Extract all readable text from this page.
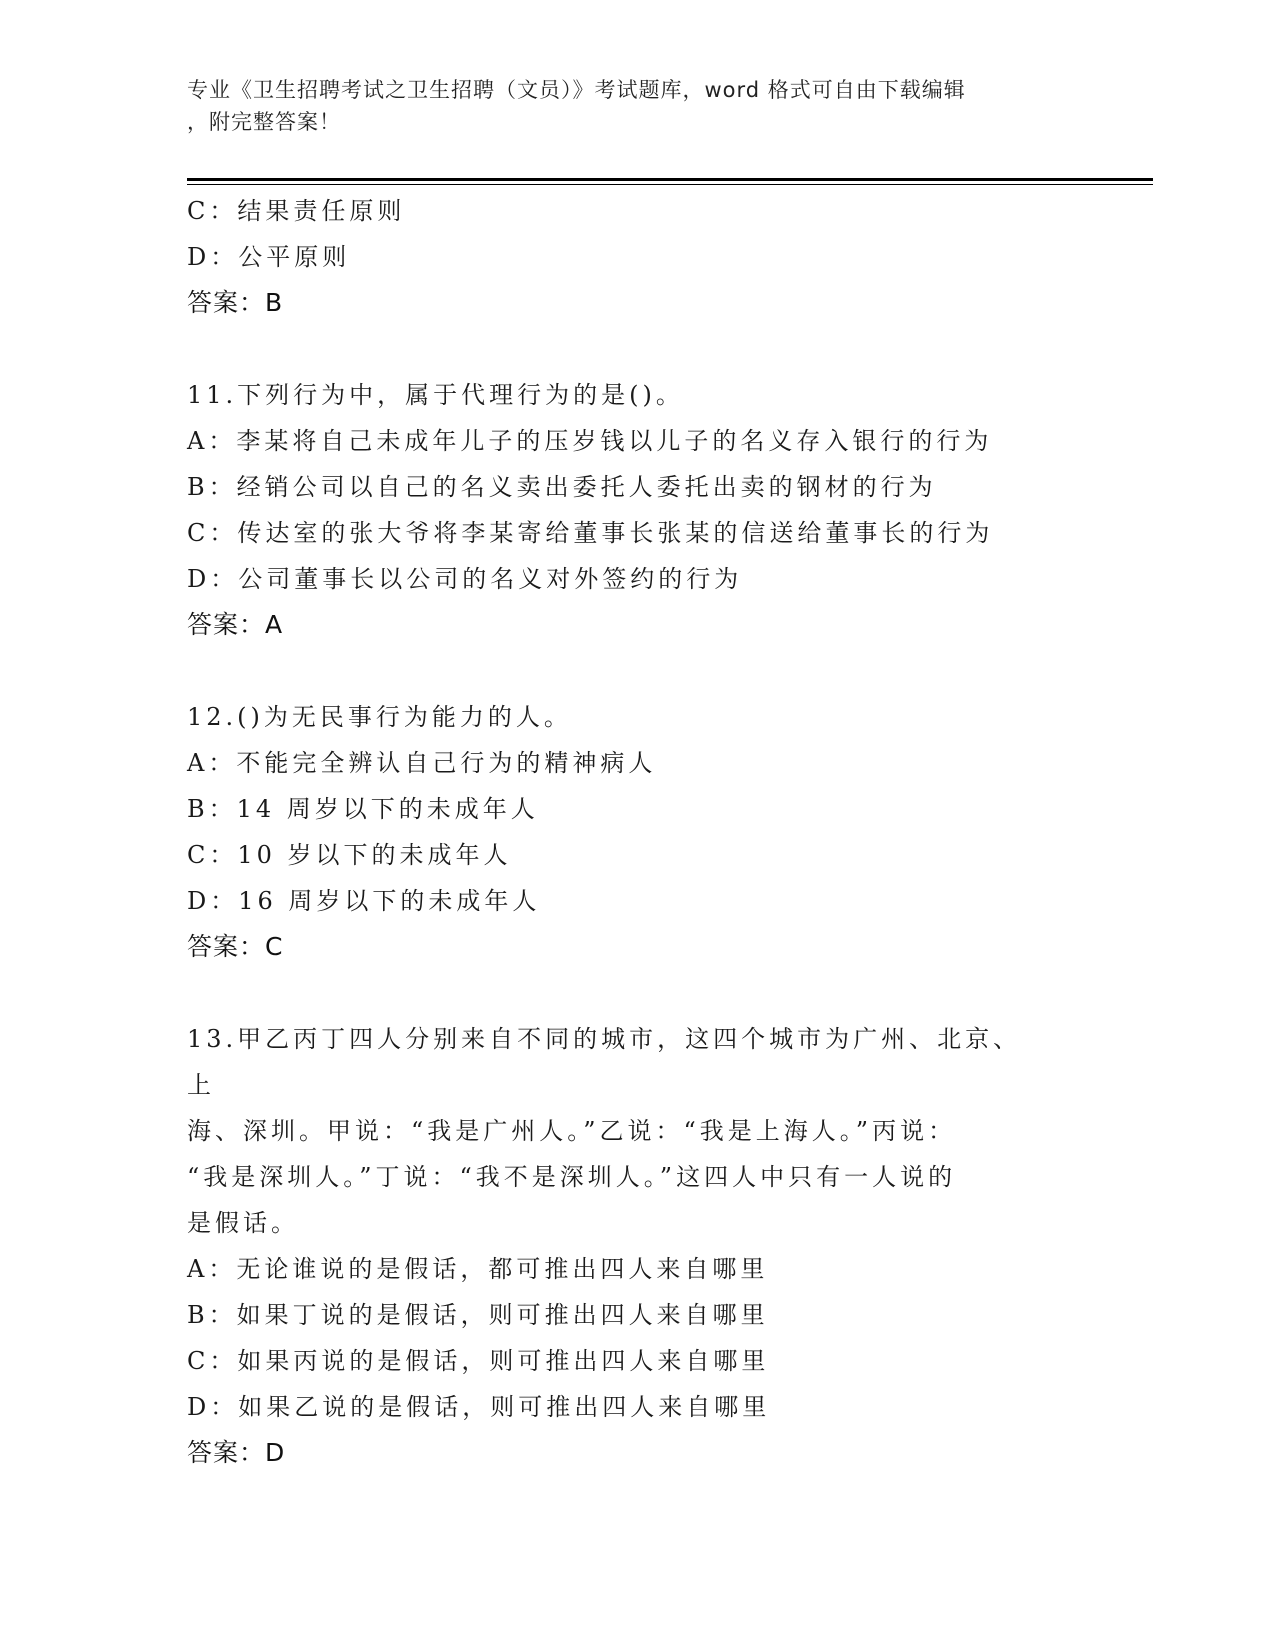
专业《卫生招聘考试之卫生招聘（文员）》考试题库，word 格式可自由下载编辑
，附完整答案！
C：结果责任原则
D：公平原则
答案：B
11.下列行为中，属于代理行为的是()。
A：李某将自己未成年儿子的压岁钱以儿子的名义存入银行的行为
B：经销公司以自己的名义卖出委托人委托出卖的钢材的行为
C：传达室的张大爷将李某寄给董事长张某的信送给董事长的行为
D：公司董事长以公司的名义对外签约的行为
答案：A
12.()为无民事行为能力的人。
A：不能完全辨认自己行为的精神病人
B：14 周岁以下的未成年人
C：10 岁以下的未成年人
D：16 周岁以下的未成年人
答案：C
13.甲乙丙丁四人分别来自不同的城市，这四个城市为广州、北京、上
海、深圳。甲说：“我是广州人。”乙说：“我是上海人。”丙说：
“我是深圳人。”丁说：“我不是深圳人。”这四人中只有一人说的
是假话。
A：无论谁说的是假话，都可推出四人来自哪里
B：如果丁说的是假话，则可推出四人来自哪里
C：如果丙说的是假话，则可推出四人来自哪里
D：如果乙说的是假话，则可推出四人来自哪里
答案：D
